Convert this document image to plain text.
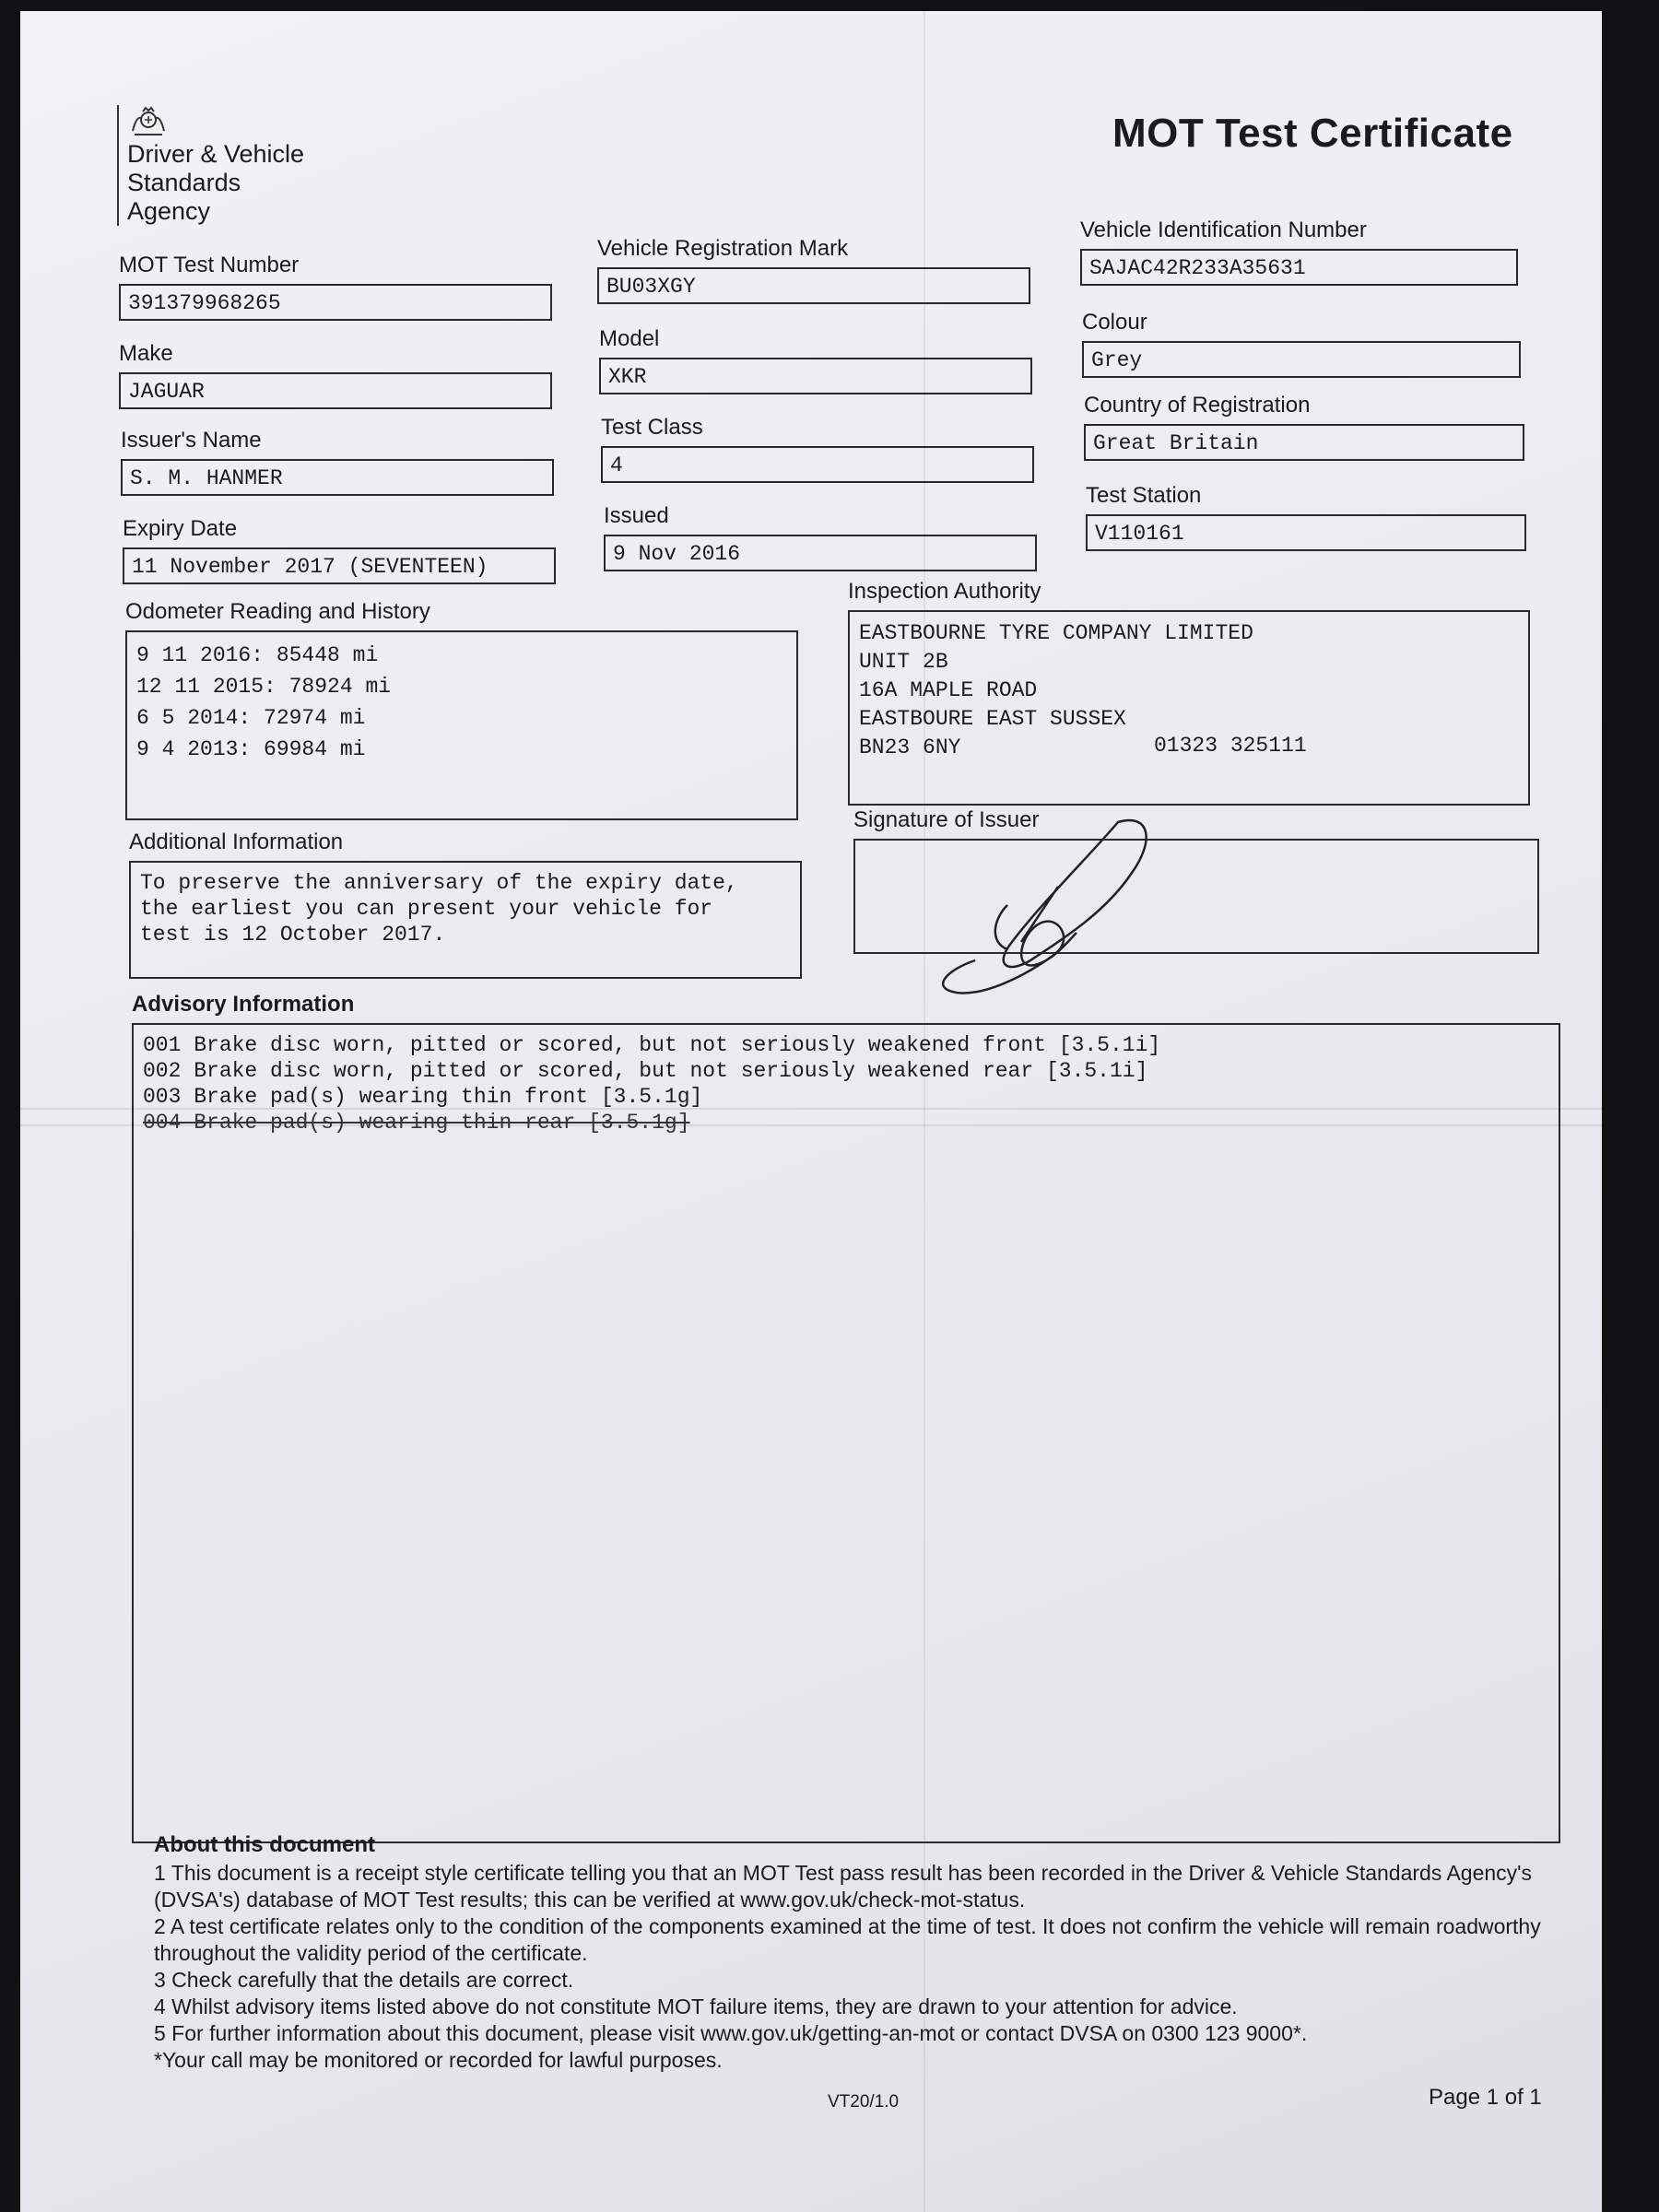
Driver & Vehicle
Standards
Agency
MOT Test Certificate
MOT Test Number
391379968265
Vehicle Registration Mark
BU03XGY
Vehicle Identification Number
SAJAC42R233A35631
Make
JAGUAR
Model
XKR
Colour
Grey
Issuer's Name
S. M. HANMER
Test Class
4
Country of Registration
Great Britain
Expiry Date
11 November 2017 (SEVENTEEN)
Issued
9 Nov 2016
Test Station
V110161
Odometer Reading and History
9 11 2016: 85448 mi
12 11 2015: 78924 mi
6 5 2014: 72974 mi
9 4 2013: 69984 mi
Inspection Authority
EASTBOURNE TYRE COMPANY LIMITED
UNIT 2B
16A MAPLE ROAD
EASTBOURE EAST SUSSEX
BN23 6NY	01323 325111
Additional Information
To preserve the anniversary of the expiry date,
the earliest you can present your vehicle for
test is 12 October 2017.
Signature of Issuer
Advisory Information
001 Brake disc worn, pitted or scored, but not seriously weakened front [3.5.1i]
002 Brake disc worn, pitted or scored, but not seriously weakened rear [3.5.1i]
003 Brake pad(s) wearing thin front [3.5.1g]
004 Brake pad(s) wearing thin rear [3.5.1g]
About this document
1 This document is a receipt style certificate telling you that an MOT Test pass result has been recorded in the Driver & Vehicle Standards Agency's (DVSA's) database of MOT Test results; this can be verified at www.gov.uk/check-mot-status.
2 A test certificate relates only to the condition of the components examined at the time of test. It does not confirm the vehicle will remain roadworthy throughout the validity period of the certificate.
3 Check carefully that the details are correct.
4 Whilst advisory items listed above do not constitute MOT failure items, they are drawn to your attention for advice.
5 For further information about this document, please visit www.gov.uk/getting-an-mot or contact DVSA on 0300 123 9000*.
*Your call may be monitored or recorded for lawful purposes.
VT20/1.0	Page 1 of 1
